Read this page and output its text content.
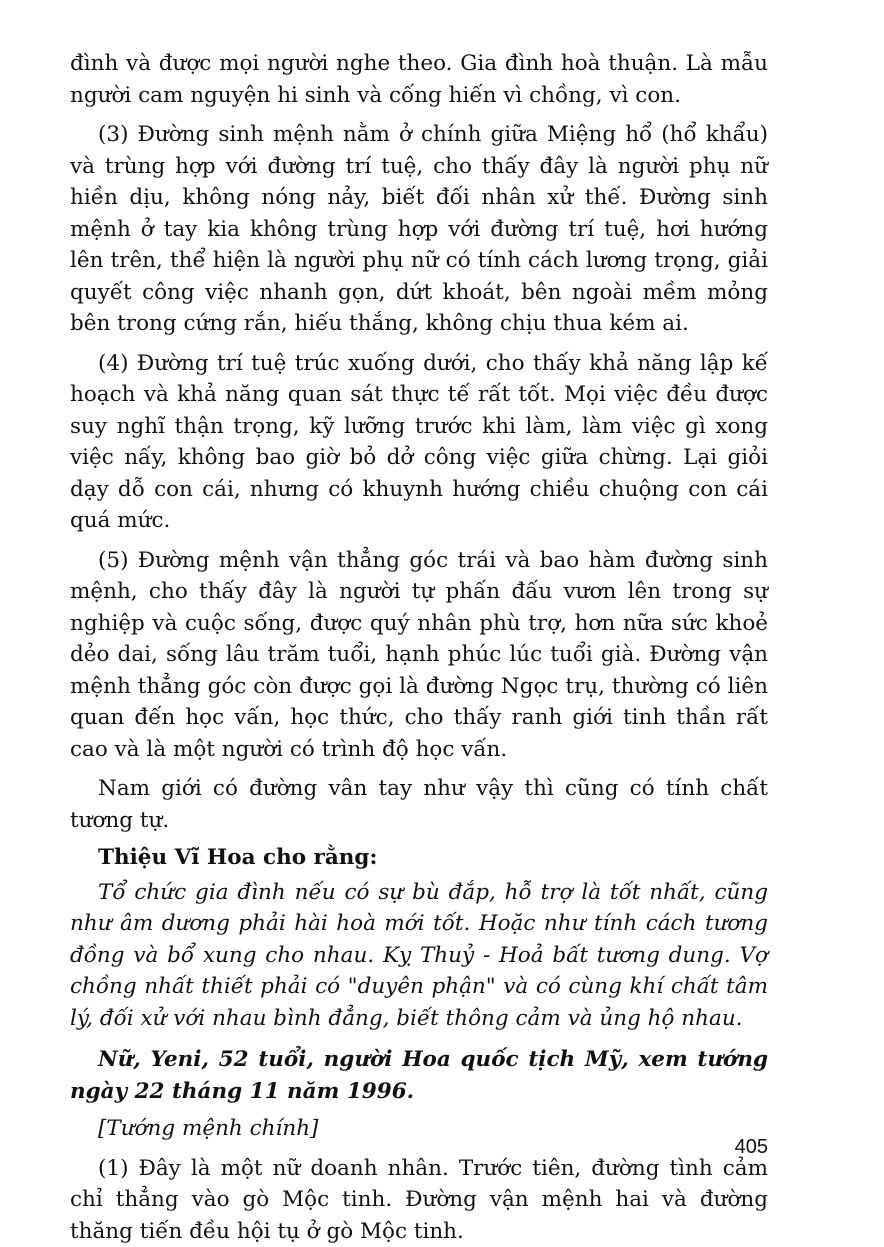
đình và được mọi người nghe theo. Gia đình hoà thuận. Là mẫu người cam nguyện hi sinh và cống hiến vì chồng, vì con.

(3) Đường sinh mệnh nằm ở chính giữa Miệng hổ (hổ khẩu) và trùng hợp với đường trí tuệ, cho thấy đây là người phụ nữ hiền dịu, không nóng nảy, biết đối nhân xử thế. Đường sinh mệnh ở tay kia không trùng hợp với đường trí tuệ, hơi hướng lên trên, thể hiện là người phụ nữ có tính cách lương trọng, giải quyết công việc nhanh gọn, dứt khoát, bên ngoài mềm mỏng bên trong cứng rắn, hiếu thắng, không chịu thua kém ai.

(4) Đường trí tuệ trúc xuống dưới, cho thấy khả năng lập kế hoạch và khả năng quan sát thực tế rất tốt. Mọi việc đều được suy nghĩ thận trọng, kỹ lưỡng trước khi làm, làm việc gì xong việc nấy, không bao giờ bỏ dở công việc giữa chừng. Lại giỏi dạy dỗ con cái, nhưng có khuynh hướng chiều chuộng con cái quá mức.

(5) Đường mệnh vận thẳng góc trái và bao hàm đường sinh mệnh, cho thấy đây là người tự phấn đấu vươn lên trong sự nghiệp và cuộc sống, được quý nhân phù trợ, hơn nữa sức khoẻ dẻo dai, sống lâu trăm tuổi, hạnh phúc lúc tuổi già. Đường vận mệnh thẳng góc còn được gọi là đường Ngọc trụ, thường có liên quan đến học vấn, học thức, cho thấy ranh giới tinh thần rất cao và là một người có trình độ học vấn.

Nam giới có đường vân tay như vậy thì cũng có tính chất tương tự.

Thiệu Vĩ Hoa cho rằng:

Tổ chức gia đình nếu có sự bù đắp, hỗ trợ là tốt nhất, cũng như âm dương phải hài hoà mới tốt. Hoặc như tính cách tương đồng và bổ xung cho nhau. Kỵ Thuỷ - Hoả bất tương dung. Vợ chồng nhất thiết phải có "duyên phận" và có cùng khí chất tâm lý, đối xử với nhau bình đẳng, biết thông cảm và ủng hộ nhau.

Nữ, Yeni, 52 tuổi, người Hoa quốc tịch Mỹ, xem tướng ngày 22 tháng 11 năm 1996.

[Tướng mệnh chính]

(1) Đây là một nữ doanh nhân. Trước tiên, đường tình cảm chỉ thẳng vào gò Mộc tinh. Đường vận mệnh hai và đường thăng tiến đều hội tụ ở gò Mộc tinh.

405
